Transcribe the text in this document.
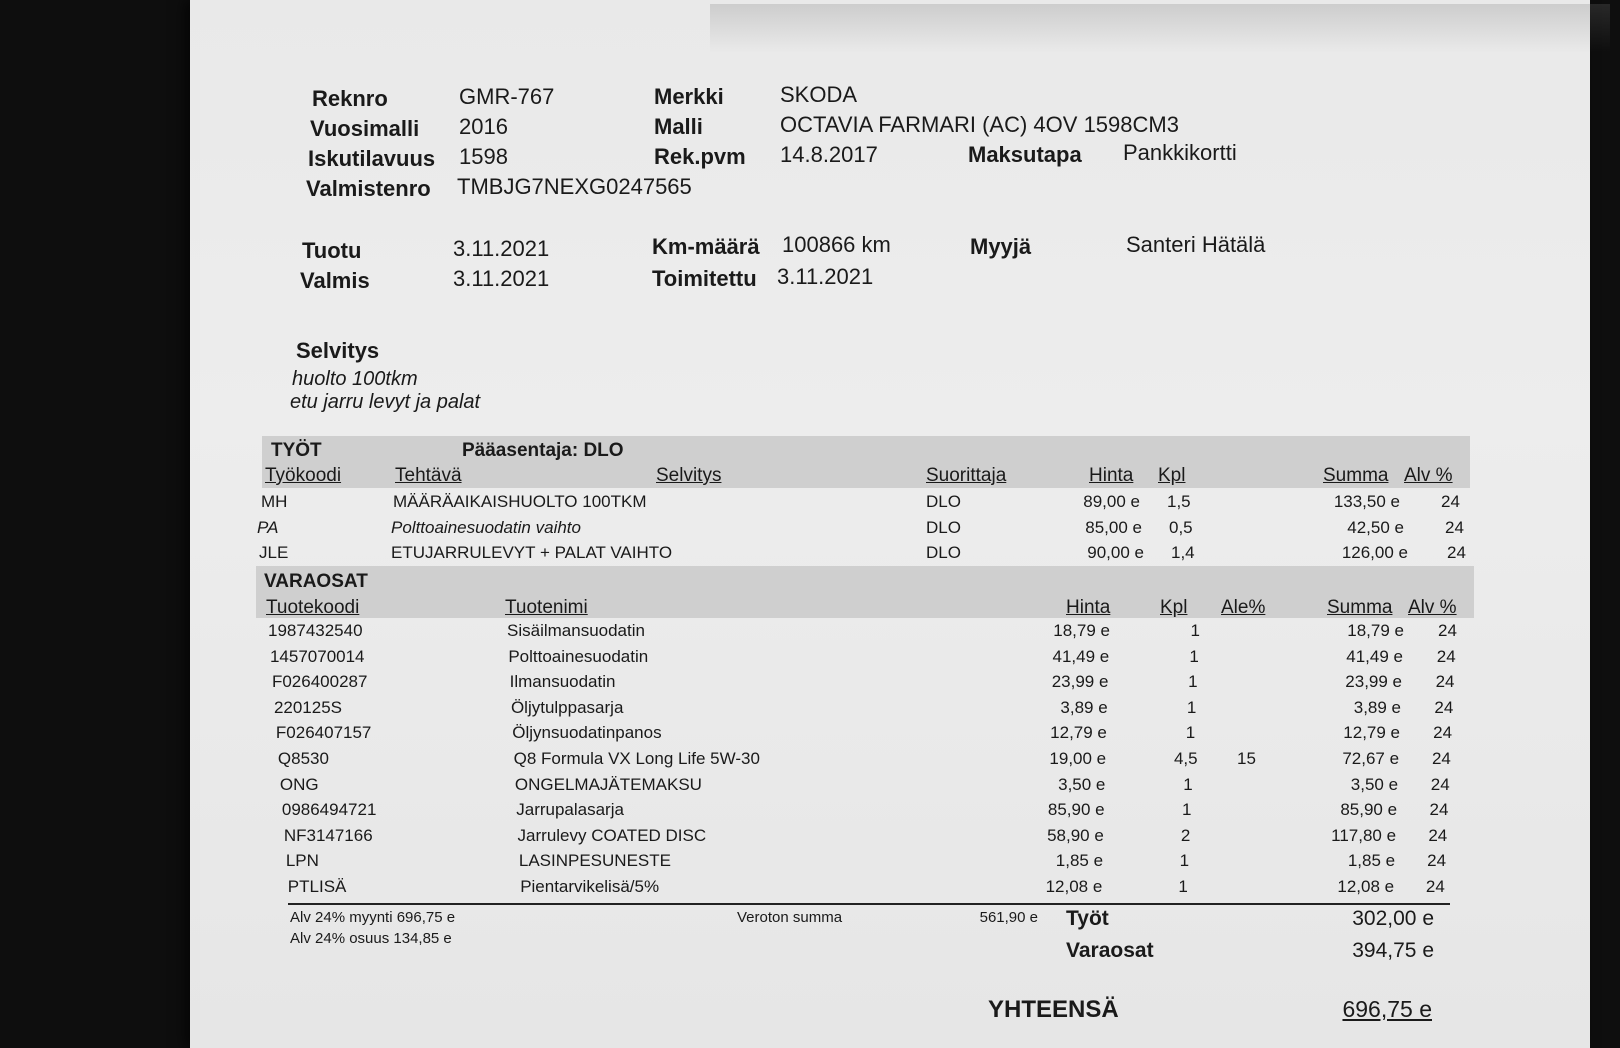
Reknro	GMR-767	Merkki	SKODA
Vuosimalli 2016	Malli	OCTAVIA FARMARI (AC) 4OV 1598CM3
Iskutilavuus 1598	Rek.pvm 14.8.2017	Maksutapa Pankkikortti
Valmistenro TMBJG7NEXG0247565
Tuotu	3.11.2021	Km-määrä 100866 km	Myyjä	Santeri Hätälä
Valmis	3.11.2021	Toimitettu 3.11.2021
Selvitys
huolto 100tkm
etu jarru levyt ja palat
TYÖT	Pääasentaja: DLO
Työkoodi	Tehtävä	Selvitys	Suorittaja	Hinta Kpl	Summa Alv %
MH	MÄÄRÄAIKAISHUOLTO 100TKM	DLO	89,00 e 1,5	133,50 e 24
PA	Polttoainesuodatin vaihto	DLO	85,00 e 0,5	42,50 e 24
JLE	ETUJARRULEVYT + PALAT VAIHTO	DLO	90,00 e 1,4	126,00 e 24
VARAOSAT
Tuotekoodi	Tuotenimi	Hinta	Kpl Ale%	Summa Alv %
1987432540	Sisäilmansuodatin	18,79 e	1	18,79 e 24
1457070014	Polttoainesuodatin	41,49 e	1	41,49 e 24
F026400287	Ilmansuodatin	23,99 e	1	23,99 e 24
220125S	Öljytulppasarja	3,89 e	1	3,89 e 24
F026407157	Öljynsuodatinpanos	12,79 e	1	12,79 e 24
Q8530	Q8 Formula VX Long Life 5W-30	19,00 e	4,5 15	72,67 e 24
ONG	ONGELMAJÄTEMAKSU	3,50 e	1	3,50 e 24
0986494721	Jarrupalasarja	85,90 e	1	85,90 e 24
NF3147166	Jarrulevy COATED DISC	58,90 e	2	117,80 e 24
LPN	LASINPESUNESTE	1,85 e	1	1,85 e 24
PTLISÄ	Pientarvikelisä/5%	12,08 e	1	12,08 e 24
Alv 24% myynti 696,75 e
Alv 24% osuus 134,85 e
Veroton summa	561,90 e Työt	302,00 e
Varaosat	394,75 e
YHTEENSÄ	696,75 e
